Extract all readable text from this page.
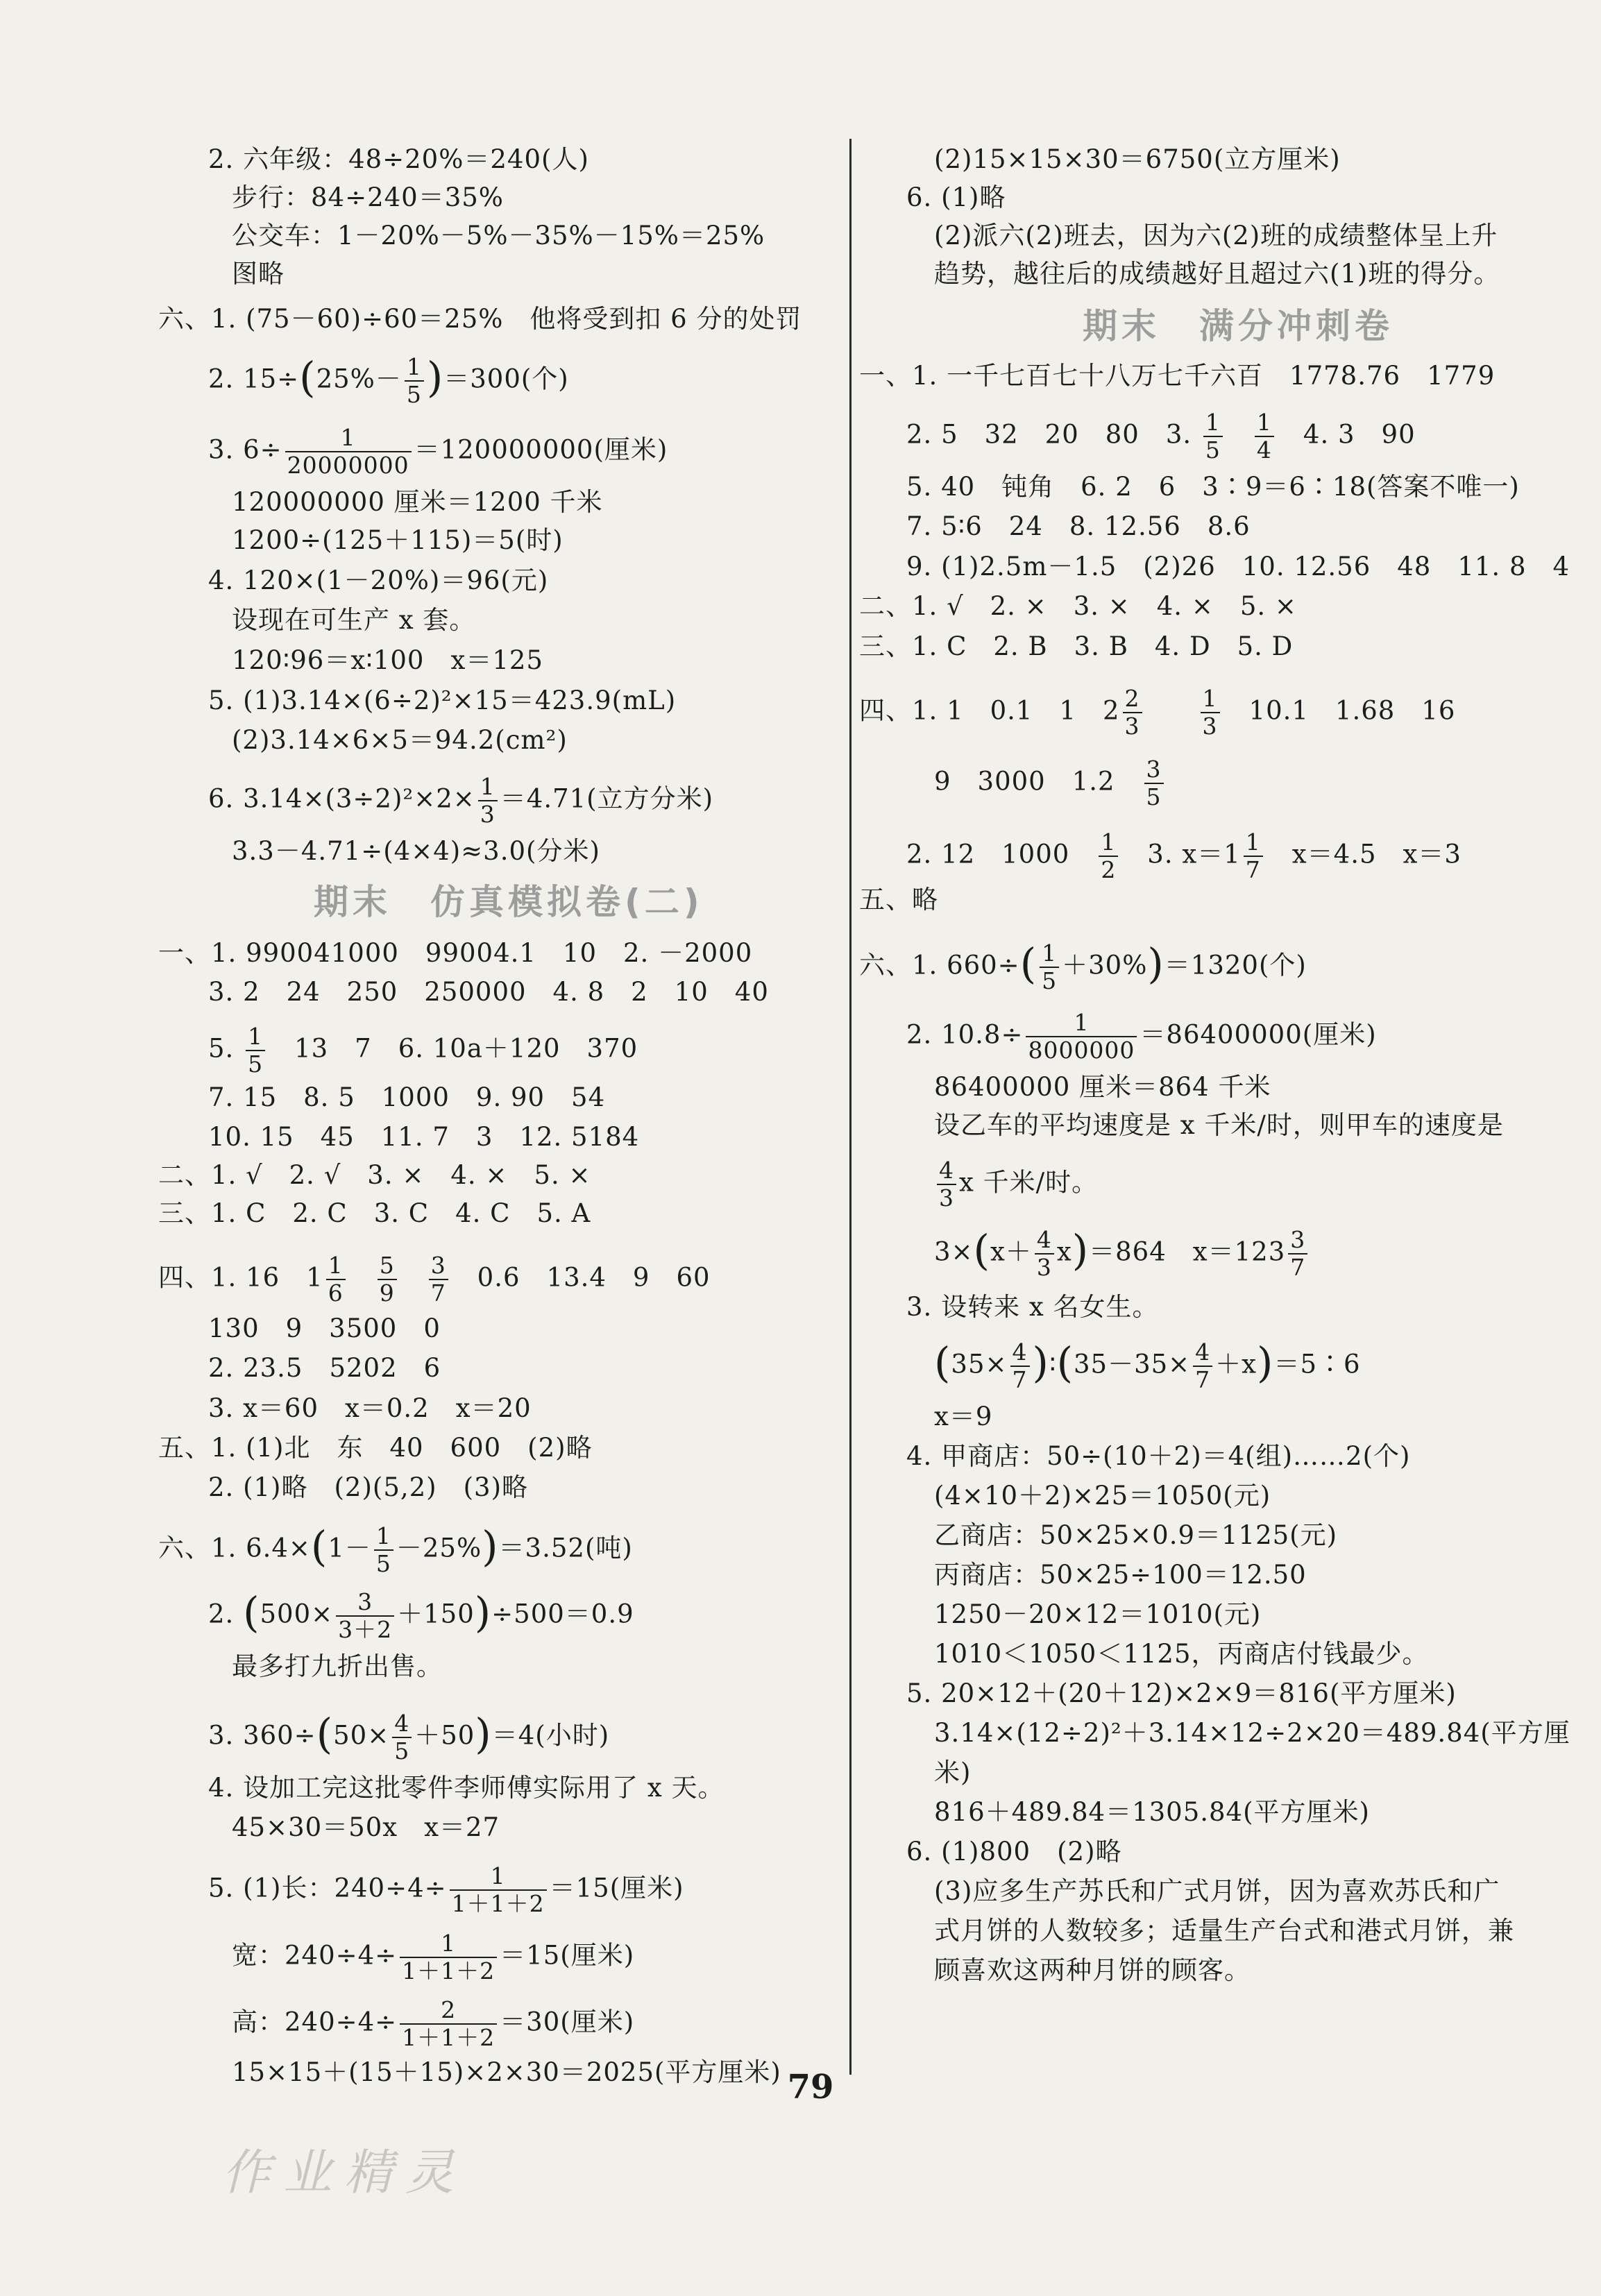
2. 六年级：48÷20%＝240(人)
步行：84÷240＝35%
公交车：1－20%－5%－35%－15%＝25%
图略
六、1. (75－60)÷60＝25%　他将受到扣 6 分的处罚
2. $15\div(25\%- \frac{1}{5} )=300$(个)
3. $6\div \frac{1}{20000000} =120000000$(厘米)
120000000 厘米＝1200 千米
1200÷(125＋115)＝5(时)
4. 120×(1－20%)＝96(元)
设现在可生产 x 套。
120∶96＝x∶100　x＝125
5. (1)3.14×(6÷2)²×15＝423.9(mL)
(2)3.14×6×5＝94.2(cm²)
6. $3.14\times(3\div 2)^2\times 2\times \frac{1}{3} =4.71$(立方分米)
3.3－4.71÷(4×4)≈3.0(分米)
期末　仿真模拟卷(二)
一、1. 990041000　99004.1　10　2. －2000
3. 2　24　250　250000　4. 8　2　10　40
5. $\frac{1}{5}$ 　13　7　6. 10a＋120　370
7. 15　8. 5　1000　9. 90　54
10. 15　45　11. 7　3　12. 5184
二、1. √　2. √　3. ×　4. ×　5. ×
三、1. C　2. C　3. C　4. C　5. A
四、1. 16　$1 \frac{1}{6}$
　 $\frac{5}{9}$
　 $\frac{3}{7}$ 　0.6　13.4　9　60
130　9　3500　0
2. 23.5　5202　6
3. x＝60　x＝0.2　x＝20
五、1. (1)北　东　40　600　(2)略
2. (1)略　(2)(5,2)　(3)略
六、1. $6.4\times(1- \frac{1}{5} -25\%)=3.52$(吨)
2. $(500\times \frac{3}{3+2} +150)\div 500=0.9$
最多打九折出售。
3. $360\div(50\times \frac{4}{5} +50)=4$(小时)
4. 设加工完这批零件李师傅实际用了 x 天。
45×30＝50x　x＝27
5. (1)长：$240\div 4\div \frac{1}{1+1+2} =15$(厘米)
宽：$240\div 4\div \frac{1}{1+1+2} =15$(厘米)
高：$240\div 4\div \frac{2}{1+1+2} =30$(厘米)
15×15＋(15＋15)×2×30＝2025(平方厘米)
(2)15×15×30＝6750(立方厘米)
6. (1)略
(2)派六(2)班去，因为六(2)班的成绩整体呈上升
趋势，越往后的成绩越好且超过六(1)班的得分。
期末　满分冲刺卷
一、1. 一千七百七十八万七千六百　1778.76　1779
2. 5　32　20　80　3. $\frac{1}{5}$
　 $\frac{1}{4}$ 　4. 3　90
5. 40　钝角　6. 2　6　3∶9＝6∶18(答案不唯一)
7. 5∶6　24　8. 12.56　8.6
9. (1)2.5m－1.5　(2)26　10. 12.56　48　11. 8　4
二、1. √　2. ×　3. ×　4. ×　5. ×
三、1. C　2. B　3. B　4. D　5. D
四、1. 1　0.1　1　$2 \frac{2}{3}$
　　	$\frac{1}{3}$ 　10.1　1.68　16
9　3000　1.2　 $\frac{3}{5}$
2. 12　1000　 $\frac{1}{2}$ 　3. $x=1 \frac{1}{7}$ 　x＝4.5　x＝3
五、略
六、1. $660\div( \frac{1}{5} +30\%)=1320$(个)
2. $10.8\div \frac{1}{8000000} =86400000$(厘米)
86400000 厘米＝864 千米
设乙车的平均速度是 x 千米/时，则甲车的速度是
$\frac{4}{3}$ x 千米/时。
$3\times(x+ \frac{4}{3} x)=864$　$x=123 \frac{3}{7}$
3. 设转来 x 名女生。
($35\times \frac{4}{7}$ )∶(35－35× $\frac{4}{7}$ ＋x)＝5∶6
x＝9
4. 甲商店：50÷(10＋2)＝4(组)……2(个)
(4×10＋2)×25＝1050(元)
乙商店：50×25×0.9＝1125(元)
丙商店：50×25÷100＝12.50
1250－20×12＝1010(元)
1010＜1050＜1125，丙商店付钱最少。
5. 20×12＋(20＋12)×2×9＝816(平方厘米)
3.14×(12÷2)²＋3.14×12÷2×20＝489.84(平方厘
米)
816＋489.84＝1305.84(平方厘米)
6. (1)800　(2)略
(3)应多生产苏氏和广式月饼，因为喜欢苏氏和广
式月饼的人数较多；适量生产台式和港式月饼，兼
顾喜欢这两种月饼的顾客。
79
作业精灵
